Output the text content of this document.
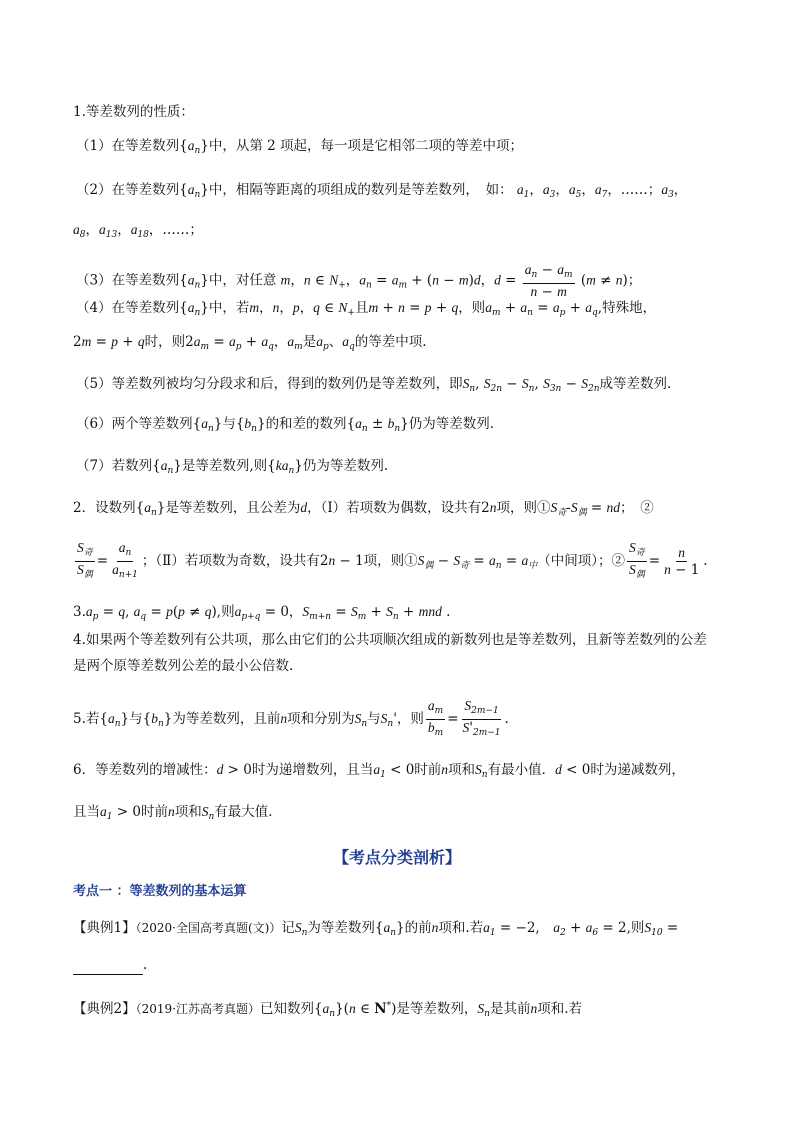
1.等差数列的性质：
（1）在等差数列$\{a_n\}$中，从第 2 项起，每一项是它相邻二项的等差中项；
（2）在等差数列$\{a_n\}$中，相隔等距离的项组成的数列是等差数列，　如： $a_1$，$a_3$，$a_5$，$a_7$，……；$a_3$，
$a_8$，$a_{13}$，$a_{18}$，……；
（3）在等差数列$\{a_n\}$中，对任意 m，n ∈ $N_+$，$a_n = a_m + (n - m)d$，$d = \frac{a_n - a_m}{n - m} (m \ne n)$；
（4）在等差数列$\{a_n\}$中，若m，n，p，q ∈ $N_+$且m + n = p + q，则$a_m + a_n = a_p + a_q$,特殊地，
2m = p + q时，则$2a_m = a_p + a_q$，$a_m$是$a_p$、$a_q$的等差中项.
（5）等差数列被均匀分段求和后，得到的数列仍是等差数列，即$S_n$, $S_{2n} - S_n$, $S_{3n} - S_{2n}$成等差数列.
（6）两个等差数列$\{a_n\}$与$\{b_n\}$的和差的数列$\{a_n \pm b_n\}$仍为等差数列.
（7）若数列$\{a_n\}$是等差数列,则$\{ka_n\}$仍为等差数列.
2．设数列$\{a_n\}$是等差数列，且公差为d，（Ⅰ）若项数为偶数，设共有2n项，则$①S_奇-S_偶$ = nd；　②
$\frac{S_奇}{S_偶} = \frac{a_n}{a_{n+1}}$ ；（Ⅱ）若项数为奇数，设共有2n − 1项，则$①S_偶 - S_奇 = a_n = a_中$（中间项）；② $\frac{S_奇}{S_偶} = \frac{n}{n - 1}$ .
$3.a_p = q$, $a_q = p(p \ne q)$,则$a_{p+q} = 0$，$S_{m+n} = S_m + S_n$ + mnd .
4.如果两个等差数列有公共项，那么由它们的公共项顺次组成的新数列也是等差数列，且新等差数列的公差
是两个原等差数列公差的最小公倍数.
5.若$\{a_n\}$与$\{b_n\}$为等差数列，且前n项和分别为$S_n$与$S_n'$，则 $\frac{a_m}{b_m} = \frac{S_{2m-1}}{S'_{2m-1}}$ .
6．等差数列的增减性：d > 0时为递增数列，且当$a_1 < 0$时前n项和$S_n$有最小值．d < 0时为递减数列，
且当$a_1 > 0$时前n项和$S_n$有最大值．
【考点分类剖析】
考点一 ：等差数列的基本运算
【典例1】（2020·全国高考真题(文)）记$S_n$为等差数列$\{a_n\}$的前n项和.若$a_1 = -2$,　$a_2 + a_6 = 2$,则$S_{10}$ =
.
【典例2】（2019·江苏高考真题）已知数列$\{a_n\}(n$ ∈ N*)是等差数列，$S_n$是其前n项和.若
